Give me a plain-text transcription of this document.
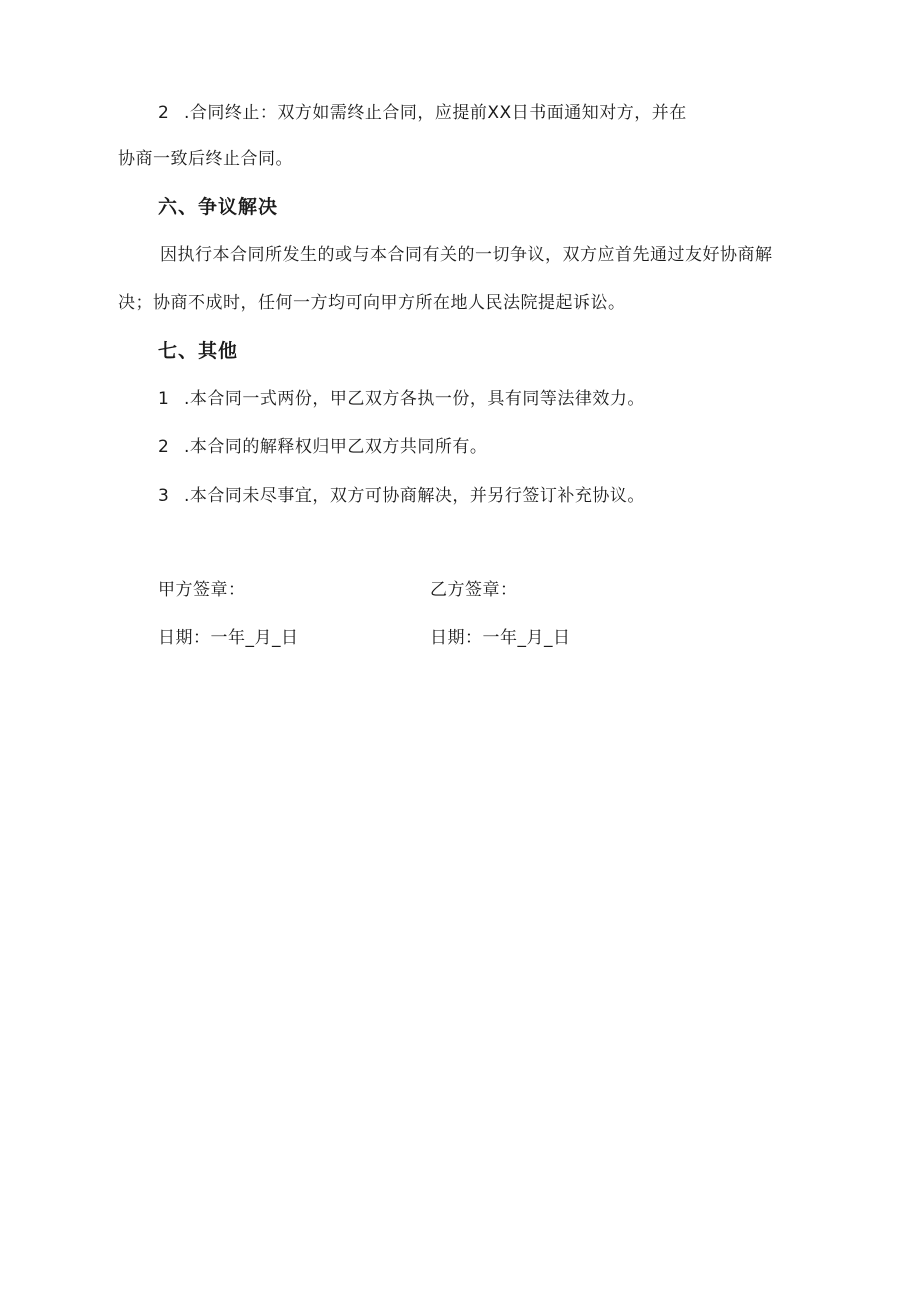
2 .合同终止：双方如需终止合同，应提前XX日书面通知对方，并在
协商一致后终止合同。
六、争议解决
因执行本合同所发生的或与本合同有关的一切争议，双方应首先通过友好协商解
决；协商不成时，任何一方均可向甲方所在地人民法院提起诉讼。
七、其他
1 .本合同一式两份，甲乙双方各执一份，具有同等法律效力。
2 .本合同的解释权归甲乙双方共同所有。
3 .本合同未尽事宜，双方可协商解决，并另行签订补充协议。
甲方签章：	乙方签章：
日期：一年_月_日	日期：一年_月_日
